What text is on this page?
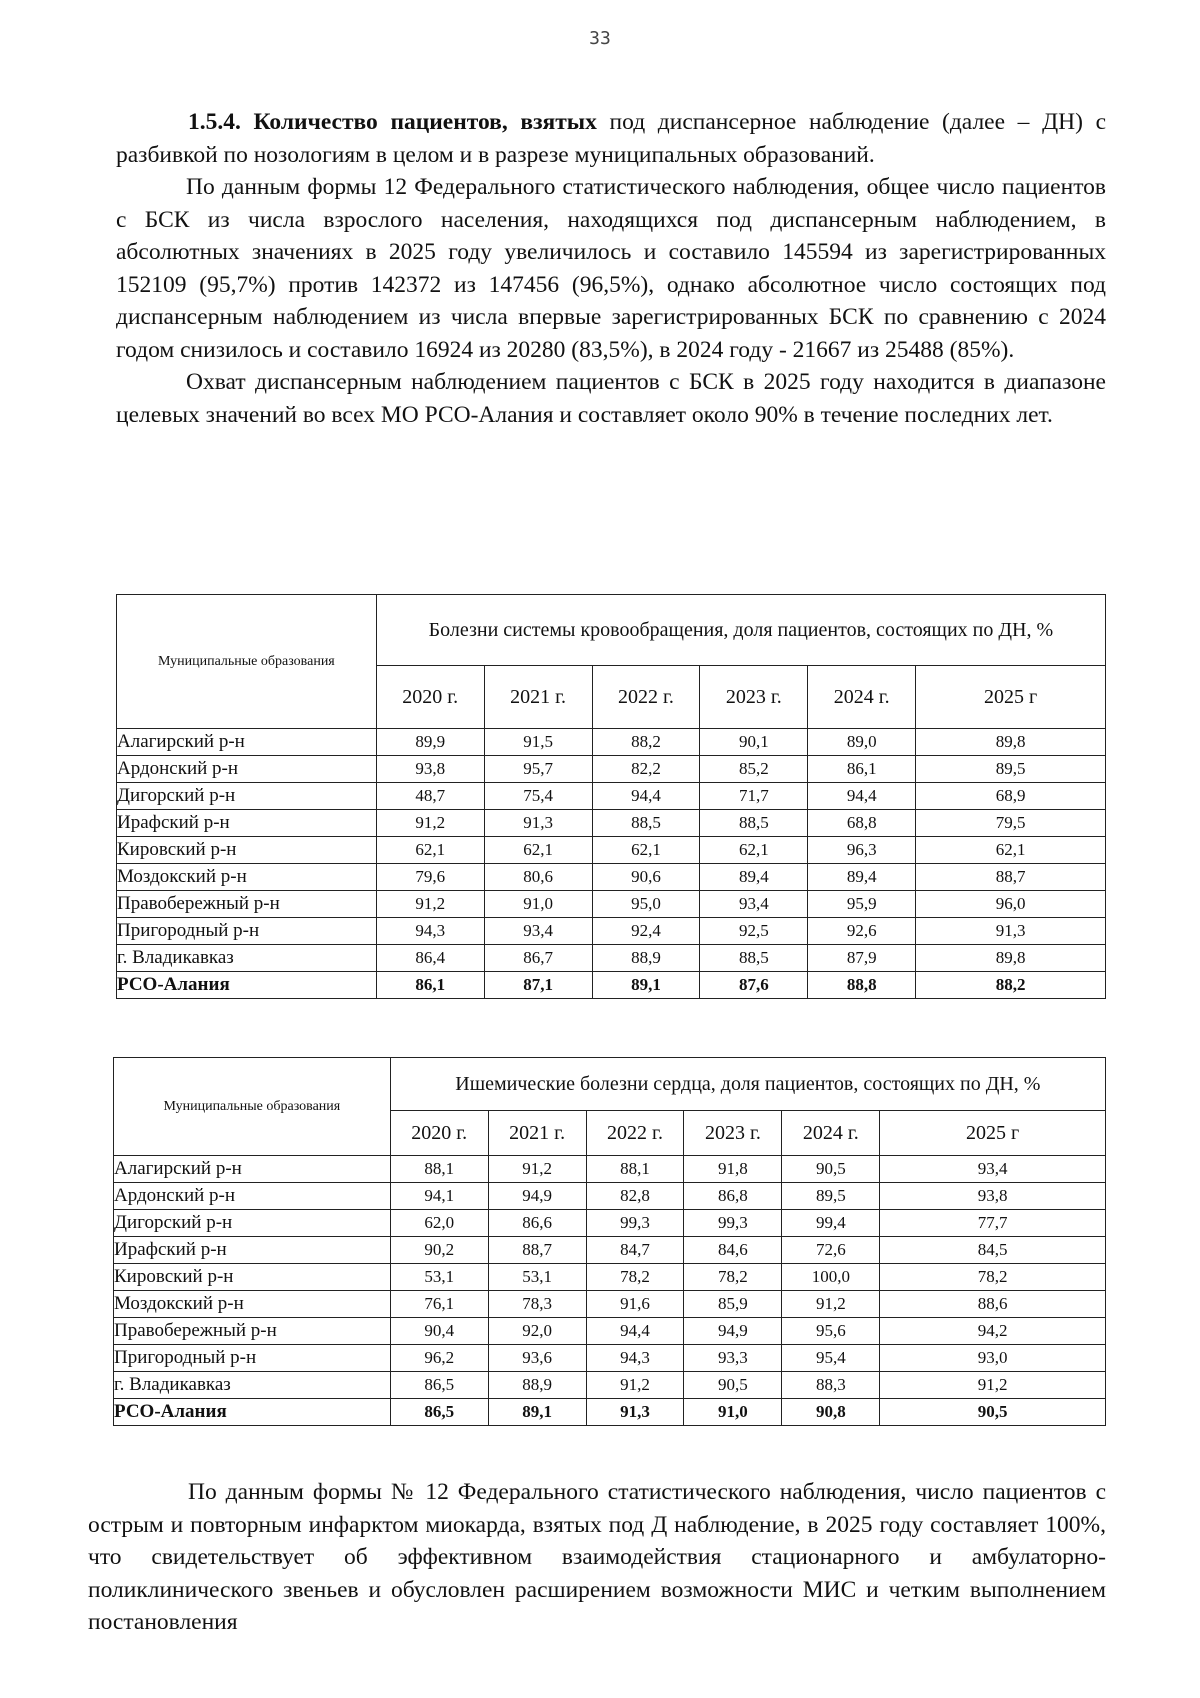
33

1.5.4. Количество пациентов, взятых под диспансерное наблюдение (далее – ДН) с разбивкой по нозологиям в целом и в разрезе муниципальных образований.

По данным формы 12 Федерального статистического наблюдения, общее число пациентов с БСК из числа взрослого населения, находящихся под диспансерным наблюдением, в абсолютных значениях в 2025 году увеличилось и составило 145594 из зарегистрированных 152109 (95,7%) против 142372 из 147456 (96,5%), однако абсолютное число состоящих под диспансерным наблюдением из числа впервые зарегистрированных БСК по сравнению с 2024 годом снизилось и составило 16924 из 20280 (83,5%), в 2024 году - 21667 из 25488 (85%).

Охват диспансерным наблюдением пациентов с БСК в 2025 году находится в диапазоне целевых значений во всех МО РСО-Алания и составляет около 90% в течение последних лет.

Муниципальные образования	Болезни системы кровообращения, доля пациентов, состоящих по ДН, %					
	2020 г.	2021 г.	2022 г.	2023 г.	2024 г.	2025 г
Алагирский р-н	89,9	91,5	88,2	90,1	89,0	89,8
Ардонский р-н	93,8	95,7	82,2	85,2	86,1	89,5
Дигорский р-н	48,7	75,4	94,4	71,7	94,4	68,9
Ирафский р-н	91,2	91,3	88,5	88,5	68,8	79,5
Кировский р-н	62,1	62,1	62,1	62,1	96,3	62,1
Моздокский р-н	79,6	80,6	90,6	89,4	89,4	88,7
Правобережный р-н	91,2	91,0	95,0	93,4	95,9	96,0
Пригородный р-н	94,3	93,4	92,4	92,5	92,6	91,3
г. Владикавказ	86,4	86,7	88,9	88,5	87,9	89,8
РСО-Алания	86,1	87,1	89,1	87,6	88,8	88,2
Муниципальные образования	Ишемические болезни сердца, доля пациентов, состоящих по ДН, %					
	2020 г.	2021 г.	2022 г.	2023 г.	2024 г.	2025 г
Алагирский р-н	88,1	91,2	88,1	91,8	90,5	93,4
Ардонский р-н	94,1	94,9	82,8	86,8	89,5	93,8
Дигорский р-н	62,0	86,6	99,3	99,3	99,4	77,7
Ирафский р-н	90,2	88,7	84,7	84,6	72,6	84,5
Кировский р-н	53,1	53,1	78,2	78,2	100,0	78,2
Моздокский р-н	76,1	78,3	91,6	85,9	91,2	88,6
Правобережный р-н	90,4	92,0	94,4	94,9	95,6	94,2
Пригородный р-н	96,2	93,6	94,3	93,3	95,4	93,0
г. Владикавказ	86,5	88,9	91,2	90,5	88,3	91,2
РСО-Алания	86,5	89,1	91,3	91,0	90,8	90,5

По данным формы № 12 Федерального статистического наблюдения, число пациентов с острым и повторным инфарктом миокарда, взятых под Д наблюдение, в 2025 году составляет 100%, что свидетельствует об эффективном взаимодействия стационарного и амбулаторно-поликлинического звеньев и обусловлен расширением возможности МИС и четким выполнением постановления
